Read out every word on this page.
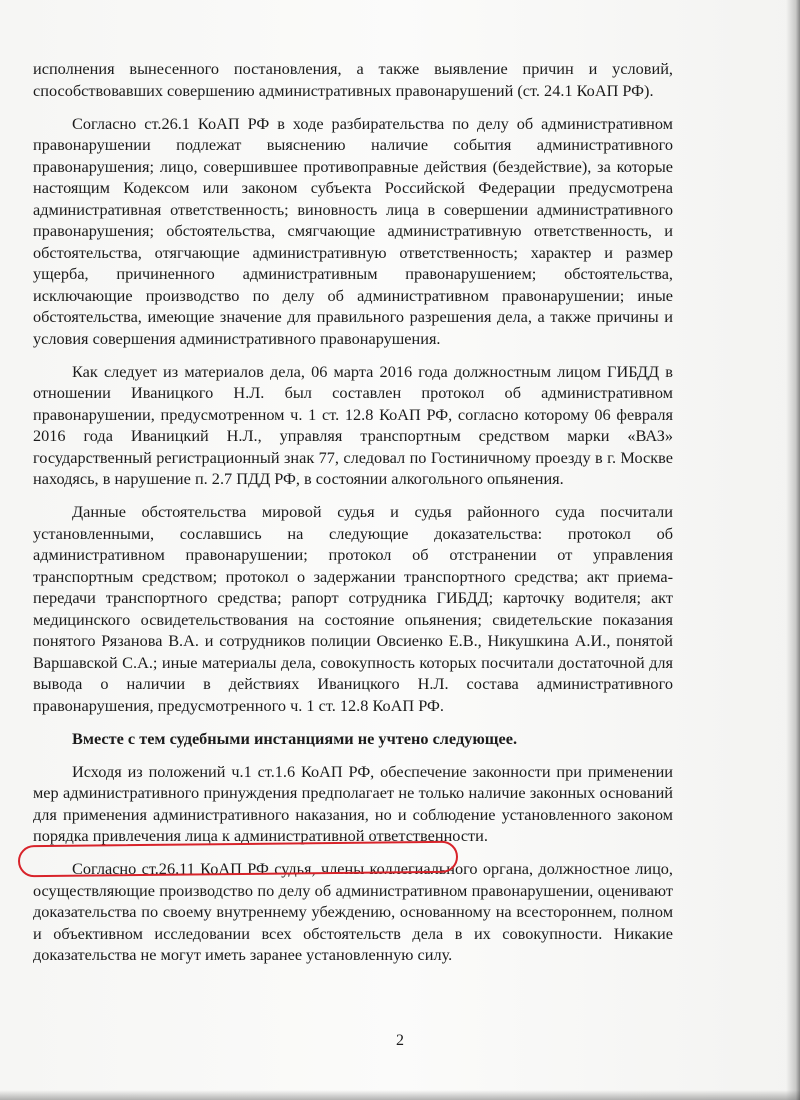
исполнения вынесенного постановления, а также выявление причин и условий, способствовавших совершению административных правонарушений (ст. 24.1 КоАП РФ).

Согласно ст.26.1 КоАП РФ в ходе разбирательства по делу об административном правонарушении подлежат выяснению наличие события административного правонарушения; лицо, совершившее противоправные действия (бездействие), за которые настоящим Кодексом или законом субъекта Российской Федерации предусмотрена административная ответственность; виновность лица в совершении административного правонарушения; обстоятельства, смягчающие административную ответственность, и обстоятельства, отягчающие административную ответственность; характер и размер ущерба, причиненного административным правонарушением; обстоятельства, исключающие производство по делу об административном правонарушении; иные обстоятельства, имеющие значение для правильного разрешения дела, а также причины и условия совершения административного правонарушения.

Как следует из материалов дела, 06 марта 2016 года должностным лицом ГИБДД в отношении Иваницкого Н.Л. был составлен протокол об административном правонарушении, предусмотренном ч. 1 ст. 12.8 КоАП РФ, согласно которому 06 февраля 2016 года Иваницкий Н.Л., управляя транспортным средством марки «ВАЗ» государственный регистрационный знак 77, следовал по Гостиничному проезду в г. Москве находясь, в нарушение п. 2.7 ПДД РФ, в состоянии алкогольного опьянения.

Данные обстоятельства мировой судья и судья районного суда посчитали установленными, сославшись на следующие доказательства: протокол об административном правонарушении; протокол об отстранении от управления транспортным средством; протокол о задержании транспортного средства; акт приема-передачи транспортного средства; рапорт сотрудника ГИБДД; карточку водителя; акт медицинского освидетельствования на состояние опьянения; свидетельские показания понятого Рязанова В.А. и сотрудников полиции Овсиенко Е.В., Никушкина А.И., понятой Варшавской С.А.; иные материалы дела, совокупность которых посчитали достаточной для вывода о наличии в действиях Иваницкого Н.Л. состава административного правонарушения, предусмотренного ч. 1 ст. 12.8 КоАП РФ.

Вместе с тем судебными инстанциями не учтено следующее.

Исходя из положений ч.1 ст.1.6 КоАП РФ, обеспечение законности при применении мер административного принуждения предполагает не только наличие законных оснований для применения административного наказания, но и соблюдение установленного законом порядка привлечения лица к административной ответственности.

Согласно ст.26.11 КоАП РФ судья, члены коллегиального органа, должностное лицо, осуществляющие производство по делу об административном правонарушении, оценивают доказательства по своему внутреннему убеждению, основанному на всестороннем, полном и объективном исследовании всех обстоятельств дела в их совокупности. Никакие доказательства не могут иметь заранее установленную силу.

2
